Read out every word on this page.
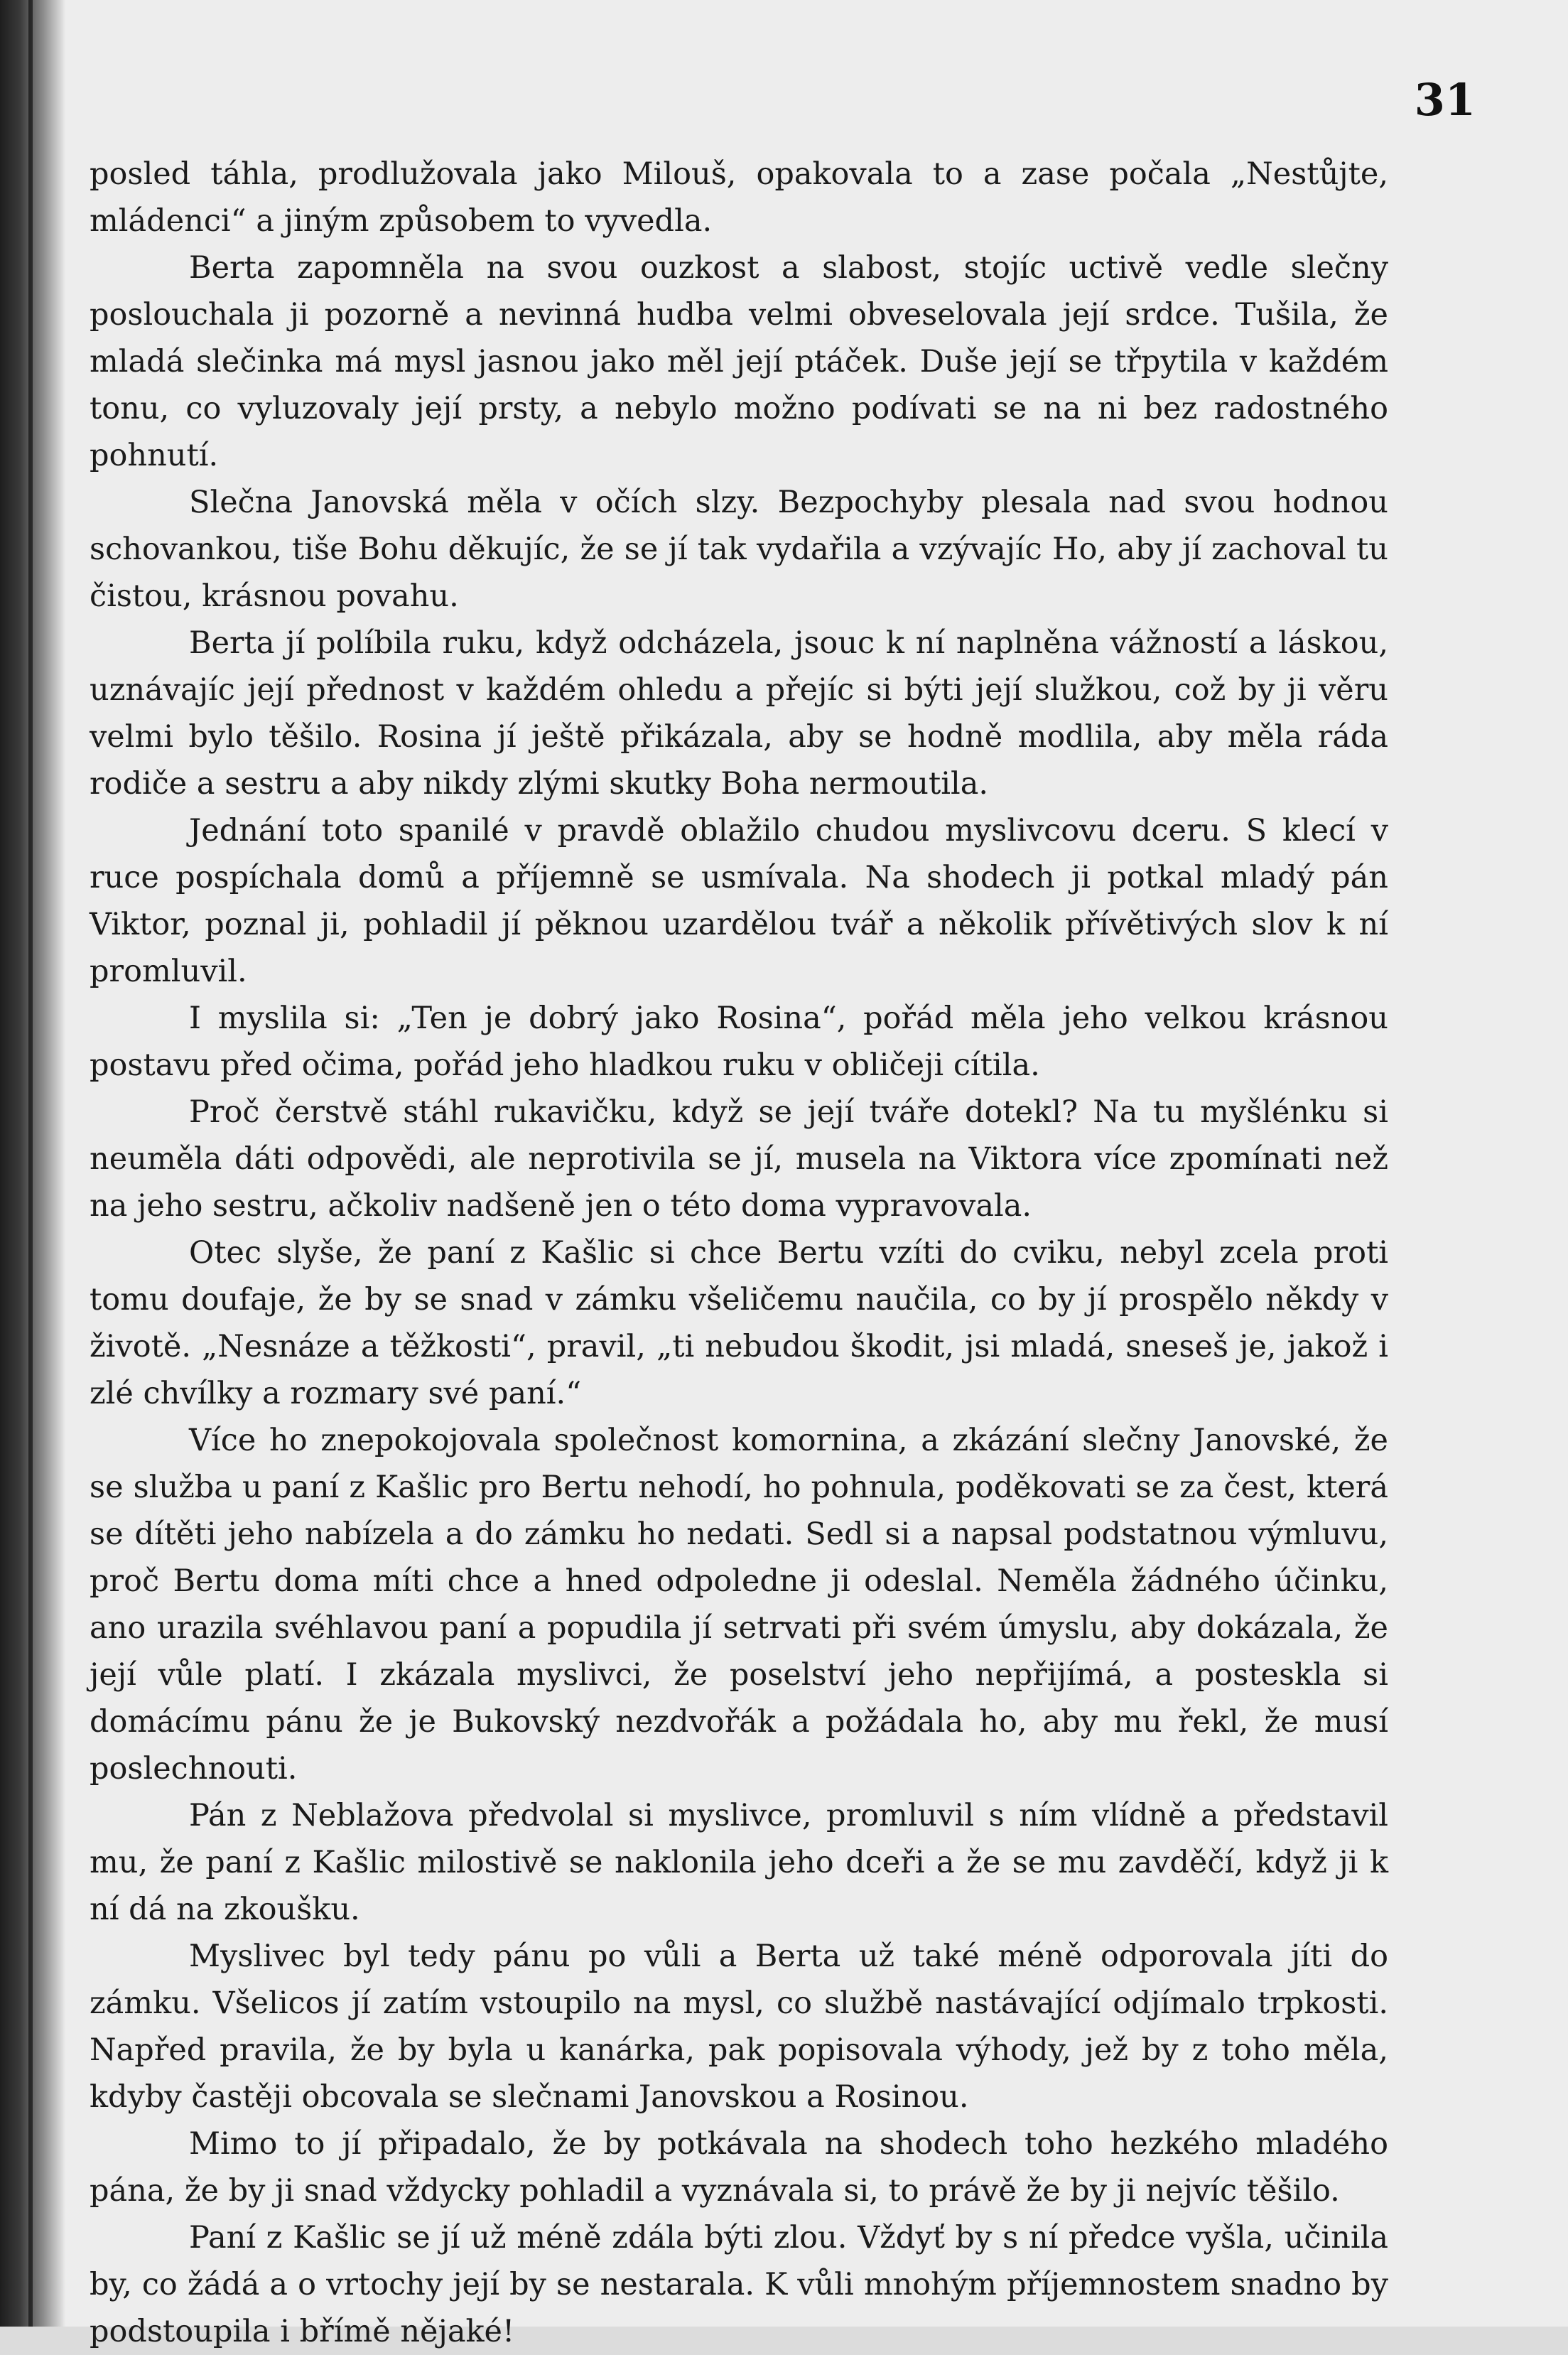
31

posled táhla, prodlužovala jako Milouš, opakovala to a zase počala „Nestůjte, mládenci“ a jiným způsobem to vyvedla.

Berta zapomněla na svou ouzkost a slabost, stojíc uctivě vedle slečny poslouchala ji pozorně a nevinná hudba velmi obveselovala její srdce. Tušila, že mladá slečinka má mysl jasnou jako měl její ptáček. Duše její se třpytila v každém tonu, co vyluzovaly její prsty, a nebylo možno podívati se na ni bez radostného pohnutí.

Slečna Janovská měla v očích slzy. Bezpochyby plesala nad svou hodnou schovankou, tiše Bohu děkujíc, že se jí tak vydařila a vzývajíc Ho, aby jí zachoval tu čistou, krásnou povahu.

Berta jí políbila ruku, když odcházela, jsouc k ní naplněna vážností a láskou, uznávajíc její přednost v každém ohledu a přejíc si býti její služkou, což by ji věru velmi bylo těšilo. Rosina jí ještě přikázala, aby se hodně modlila, aby měla ráda rodiče a sestru a aby nikdy zlými skutky Boha nermoutila.

Jednání toto spanilé v pravdě oblažilo chudou myslivcovu dceru. S klecí v ruce pospíchala domů a příjemně se usmívala. Na shodech ji potkal mladý pán Viktor, poznal ji, pohladil jí pěknou uzardělou tvář a několik přívětivých slov k ní promluvil.

I myslila si: „Ten je dobrý jako Rosina“, pořád měla jeho velkou krásnou postavu před očima, pořád jeho hladkou ruku v obličeji cítila.

Proč čerstvě stáhl rukavičku, když se její tváře dotekl? Na tu myšlénku si neuměla dáti odpovědi, ale neprotivila se jí, musela na Viktora více zpomínati než na jeho sestru, ačkoliv nadšeně jen o této doma vypravovala.

Otec slyše, že paní z Kašlic si chce Bertu vzíti do cviku, nebyl zcela proti tomu doufaje, že by se snad v zámku všeličemu naučila, co by jí prospělo někdy v životě. „Nesnáze a těžkosti“, pravil, „ti nebudou škodit, jsi mladá, sneseš je, jakož i zlé chvílky a rozmary své paní.“

Více ho znepokojovala společnost komornina, a zkázání slečny Janovské, že se služba u paní z Kašlic pro Bertu nehodí, ho pohnula, poděkovati se za čest, která se dítěti jeho nabízela a do zámku ho nedati. Sedl si a napsal podstatnou výmluvu, proč Bertu doma míti chce a hned odpoledne ji odeslal. Neměla žádného účinku, ano urazila svéhlavou paní a popudila jí setrvati při svém úmyslu, aby dokázala, že její vůle platí. I zkázala myslivci, že poselství jeho nepřijímá, a posteskla si domácímu pánu že je Bukovský nezdvořák a požádala ho, aby mu řekl, že musí poslechnouti.

Pán z Neblažova předvolal si myslivce, promluvil s ním vlídně a představil mu, že paní z Kašlic milostivě se naklonila jeho dceři a že se mu zavděčí, když ji k ní dá na zkoušku.

Myslivec byl tedy pánu po vůli a Berta už také méně odporovala jíti do zámku. Všelicos jí zatím vstoupilo na mysl, co službě nastávající odjímalo trpkosti. Napřed pravila, že by byla u kanárka, pak popisovala výhody, jež by z toho měla, kdyby častěji obcovala se slečnami Janovskou a Rosinou.

Mimo to jí připadalo, že by potkávala na shodech toho hezkého mladého pána, že by ji snad vždycky pohladil a vyznávala si, to právě že by ji nejvíc těšilo.

Paní z Kašlic se jí už méně zdála býti zlou. Vždyť by s ní předce vyšla, učinila by, co žádá a o vrtochy její by se nestarala. K vůli mnohým příjemnostem snadno by podstoupila i břímě nějaké!
